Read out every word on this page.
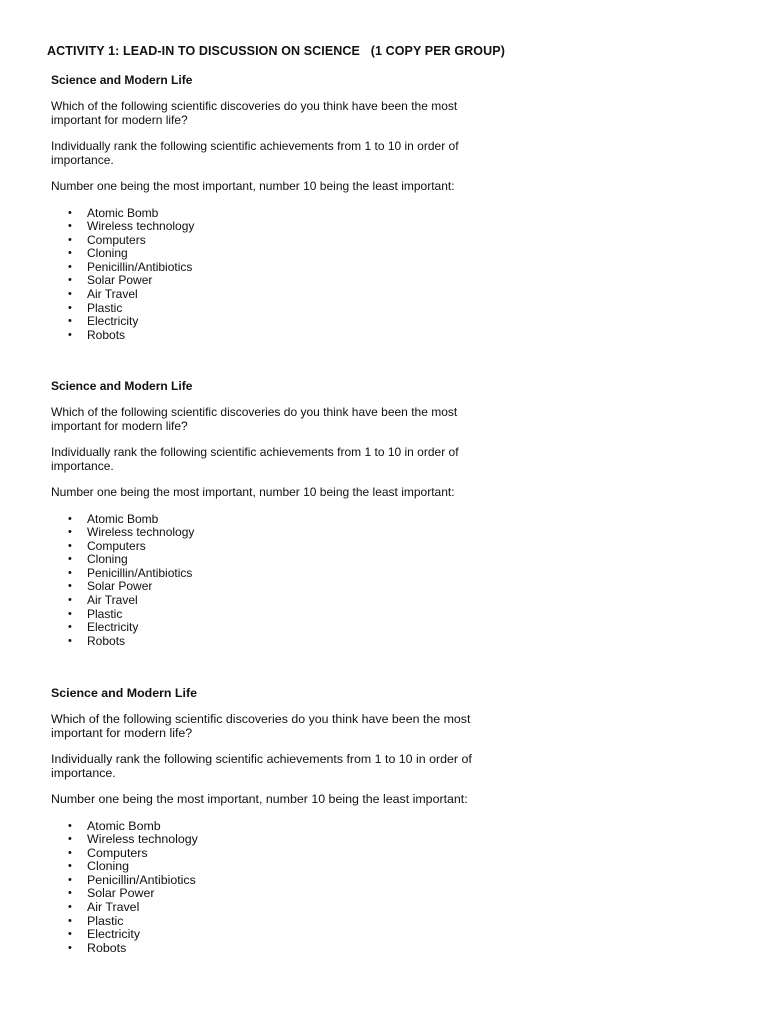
ACTIVITY 1: LEAD-IN TO DISCUSSION ON SCIENCE   (1 COPY PER GROUP)
Science and Modern Life

Which of the following scientific discoveries do you think have been the most important for modern life?

Individually rank the following scientific achievements from 1 to 10 in order of importance.

Number one being the most important, number 10 being the least important:

• Atomic Bomb
• Wireless technology
• Computers
• Cloning
• Penicillin/Antibiotics
• Solar Power
• Air Travel
• Plastic
• Electricity
• Robots
Science and Modern Life

Which of the following scientific discoveries do you think have been the most important for modern life?

Individually rank the following scientific achievements from 1 to 10 in order of importance.

Number one being the most important, number 10 being the least important:

• Atomic Bomb
• Wireless technology
• Computers
• Cloning
• Penicillin/Antibiotics
• Solar Power
• Air Travel
• Plastic
• Electricity
• Robots
Science and Modern Life

Which of the following scientific discoveries do you think have been the most important for modern life?

Individually rank the following scientific achievements from 1 to 10 in order of importance.

Number one being the most important, number 10 being the least important:

• Atomic Bomb
• Wireless technology
• Computers
• Cloning
• Penicillin/Antibiotics
• Solar Power
• Air Travel
• Plastic
• Electricity
• Robots
